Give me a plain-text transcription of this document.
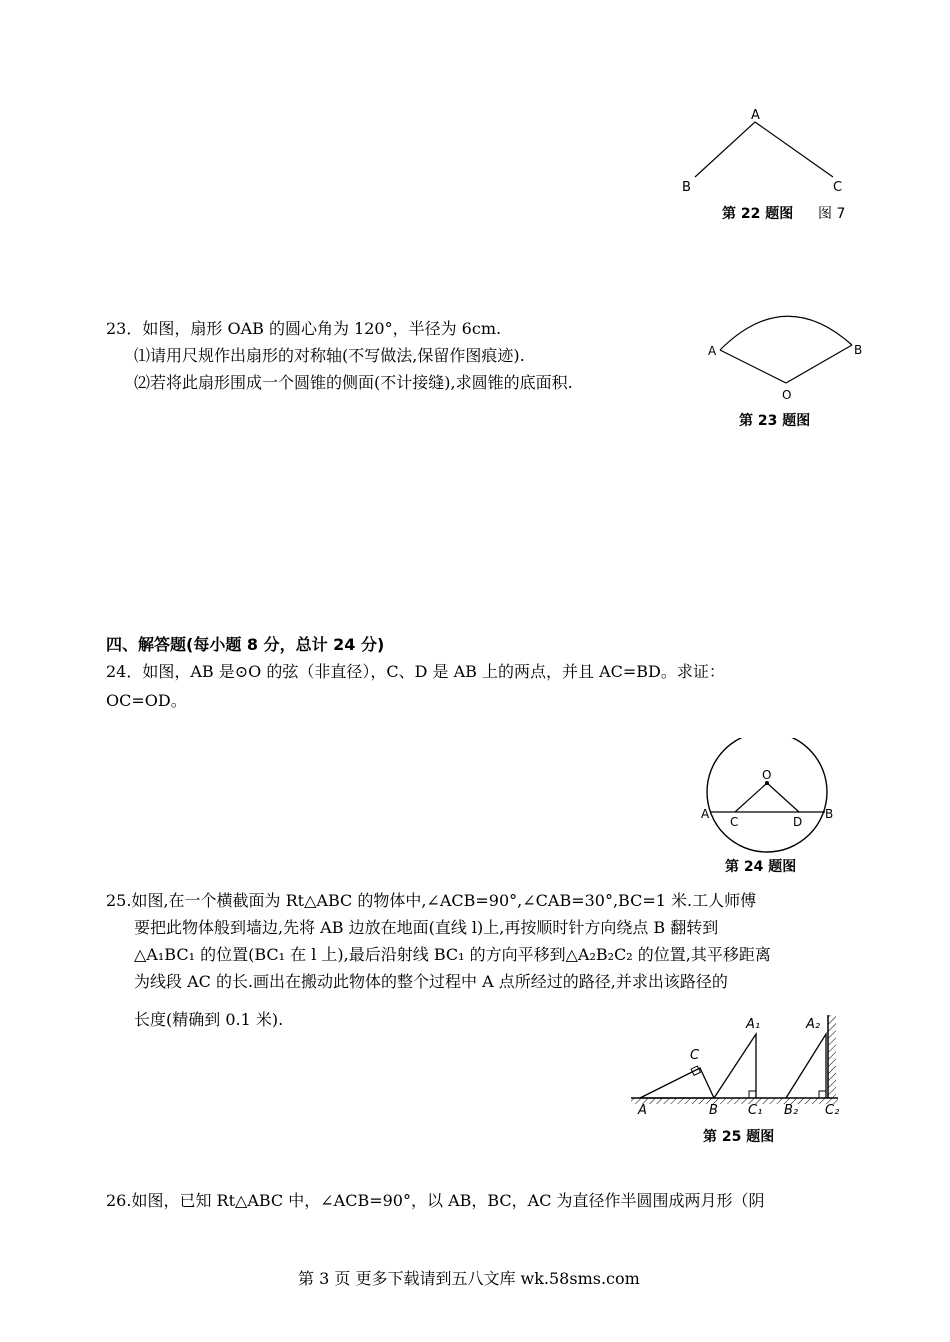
A
B	C
第 22 题图 图 7
23．如图，扇形 OAB 的圆心角为 120°，半径为 6cm.
⑴请用尺规作出扇形的对称轴(不写做法,保留作图痕迹).
⑵若将此扇形围成一个圆锥的侧面(不计接缝),求圆锥的底面积.
A	B
O
第 23 题图
四、解答题(每小题 8 分，总计 24 分)
24．如图，AB 是⊙O 的弦（非直径），C、D 是 AB 上的两点，并且 AC=BD。求证：
OC=OD。
O
A	B
C	D
第 24 题图
25.如图,在一个横截面为 Rt△ABC 的物体中,∠ACB=90°,∠CAB=30°,BC=1 米.工人师傅
要把此物体般到墙边,先将 AB 边放在地面(直线 l)上,再按顺时针方向绕点 B 翻转到
△A₁BC₁ 的位置(BC₁ 在 l 上),最后沿射线 BC₁ 的方向平移到△A₂B₂C₂ 的位置,其平移距离
为线段 AC 的长.画出在搬动此物体的整个过程中 A 点所经过的路径,并求出该路径的
长度(精确到 0.1 米).
A
C
B
A₁
C₁
A₂
B₂ C₂
第 25 题图
26.如图，已知 Rt△ABC 中，∠ACB=90°，以 AB，BC，AC 为直径作半圆围成两月形（阴
第 3 页 更多下载请到五八文库 wk.58sms.com
